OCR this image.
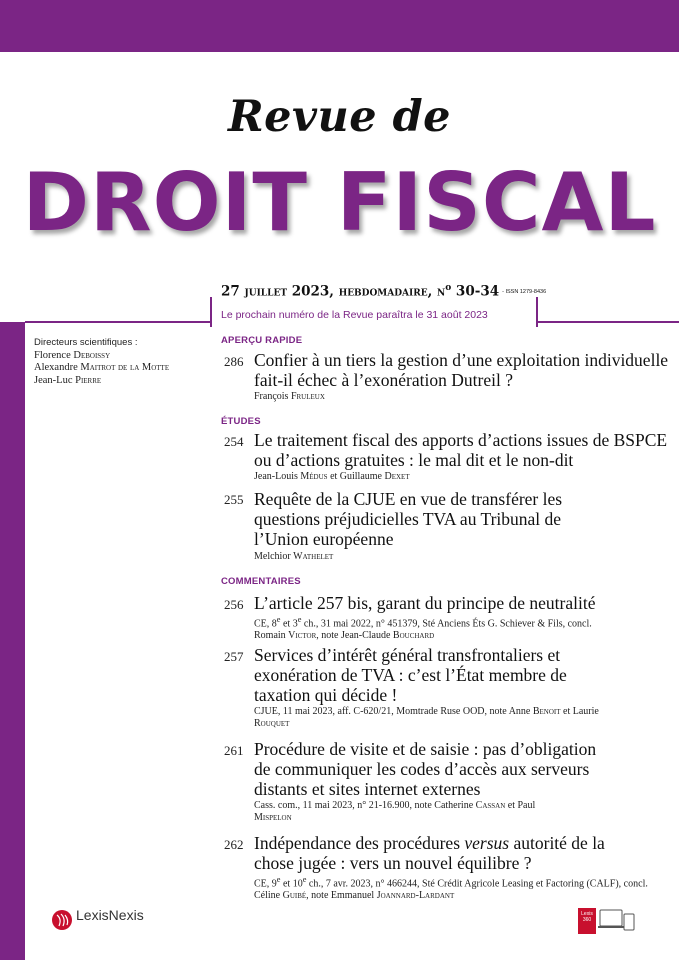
Revue de
DROIT FISCAL
27 juillet 2023, hebdomadaire, $n^o$ 30-34 - ISSN 1279-8436
Le prochain numéro de la Revue paraîtra le 31 août 2023
Directeurs scientifiques :
Florence Deboissy
Alexandre Maitrot de la Motte
Jean-Luc Pierre
APERÇU RAPIDE
ÉTUDES
COMMENTAIRES
286 Confier à un tiers la gestion d’une exploitation individuelle fait-il échec à l’exonération Dutreil ?
François Fruleux
254 Le traitement fiscal des apports d’actions issues de BSPCE ou d’actions gratuites : le mal dit et le non-dit
Jean-Louis Médus et Guillaume Dexet
255 Requête de la CJUE en vue de transférer les questions préjudicielles TVA au Tribunal de l’Union européenne
Melchior Wathelet
256 L’article 257 bis, garant du principe de neutralité
CE, 8e et 3e ch., 31 mai 2022, n° 451379, Sté Anciens Éts G. Schiever & Fils, concl. Romain Victor, note Jean-Claude Bouchard
257 Services d’intérêt général transfrontaliers et exonération de TVA : c’est l’État membre de taxation qui décide !
CJUE, 11 mai 2023, aff. C-620/21, Momtrade Ruse OOD, note Anne Benoit et Laurie Rouquet
261 Procédure de visite et de saisie : pas d’obligation de communiquer les codes d’accès aux serveurs distants et sites internet externes
Cass. com., 11 mai 2023, n° 21-16.900, note Catherine Cassan et Paul Mispelon
262 Indépendance des procédures versus autorité de la chose jugée : vers un nouvel équilibre ?
CE, 9e et 10e ch., 7 avr. 2023, n° 466244, Sté Crédit Agricole Leasing et Factoring (CALF), concl. Céline Guibé, note Emmanuel Joannard-Lardant
LexisNexis	Lexis 360
